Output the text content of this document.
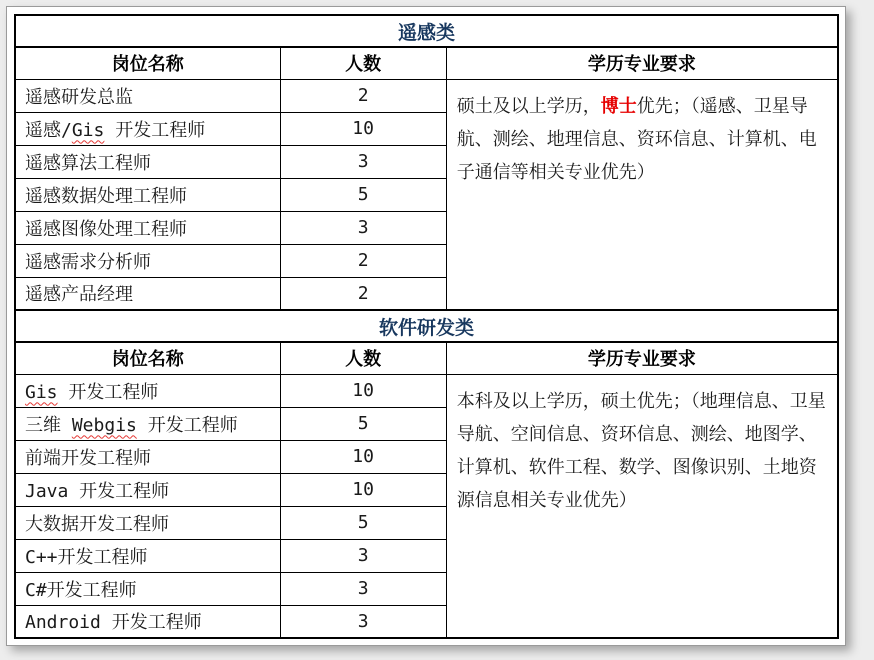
遥感类		
岗位名称	人数	学历专业要求
遥感研发总监	2	硕土及以上学历，博士优先；（遥感、卫星导航、测绘、地理信息、资环信息、计算机、电子通信等相关专业优先）
遥感/Gis 开发工程师	10	
遥感算法工程师	3	
遥感数据处理工程师	5	
遥感图像处理工程师	3	
遥感需求分析师	2	
遥感产品经理	2	
软件研发类		
岗位名称	人数	学历专业要求
Gis 开发工程师	10	本科及以上学历，硕土优先；（地理信息、卫星导航、空间信息、资环信息、测绘、地图学、计算机、软件工程、数学、图像识别、土地资源信息相关专业优先）
三维 Webgis 开发工程师	5	
前端开发工程师	10	
Java 开发工程师	10	
大数据开发工程师	5	
C++开发工程师	3	
C#开发工程师	3	
Android 开发工程师	3	
